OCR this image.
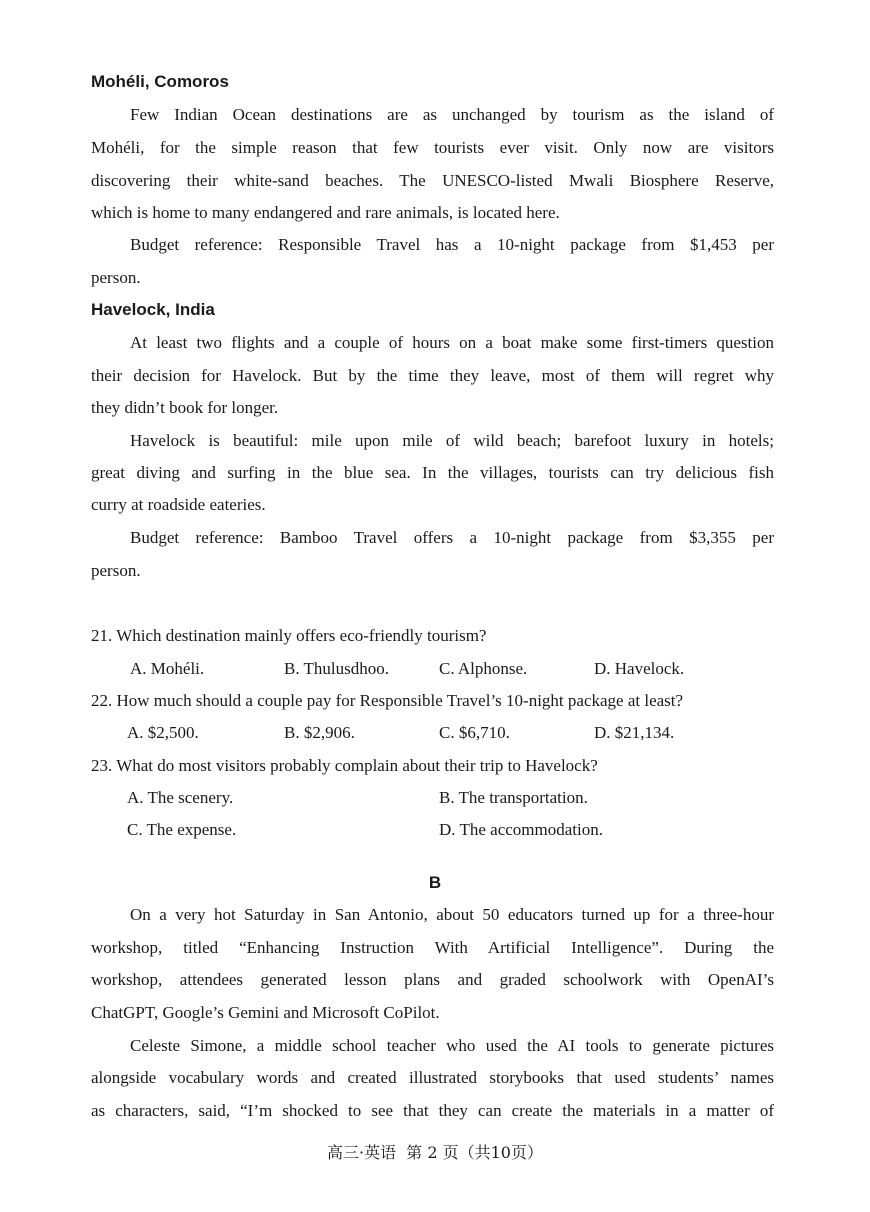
Mohéli, Comoros
Few Indian Ocean destinations are as unchanged by tourism as the island of
Mohéli, for the simple reason that few tourists ever visit. Only now are visitors
discovering their white-sand beaches. The UNESCO-listed Mwali Biosphere Reserve,
which is home to many endangered and rare animals, is located here.
Budget reference: Responsible Travel has a 10-night package from $1,453 per
person.
Havelock, India
At least two flights and a couple of hours on a boat make some first-timers question
their decision for Havelock. But by the time they leave, most of them will regret why
they didn’t book for longer.
Havelock is beautiful: mile upon mile of wild beach; barefoot luxury in hotels;
great diving and surfing in the blue sea. In the villages, tourists can try delicious fish
curry at roadside eateries.
Budget reference: Bamboo Travel offers a 10-night package from $3,355 per
person.
21. Which destination mainly offers eco-friendly tourism?
A. Mohéli.	B. Thulusdhoo.	C. Alphonse.	D. Havelock.
22. How much should a couple pay for Responsible Travel’s 10-night package at least?
A. $2,500.	B. $2,906.	C. $6,710.	D. $21,134.
23. What do most visitors probably complain about their trip to Havelock?
A. The scenery.	B. The transportation.
C. The expense.	D. The accommodation.
B
On a very hot Saturday in San Antonio, about 50 educators turned up for a three-hour
workshop, titled “Enhancing Instruction With Artificial Intelligence”. During the
workshop, attendees generated lesson plans and graded schoolwork with OpenAI’s
ChatGPT, Google’s Gemini and Microsoft CoPilot.
Celeste Simone, a middle school teacher who used the AI tools to generate pictures
alongside vocabulary words and created illustrated storybooks that used students’ names
as characters, said, “I’m shocked to see that they can create the materials in a matter of
高三·英语  第 2 页（共10页）
